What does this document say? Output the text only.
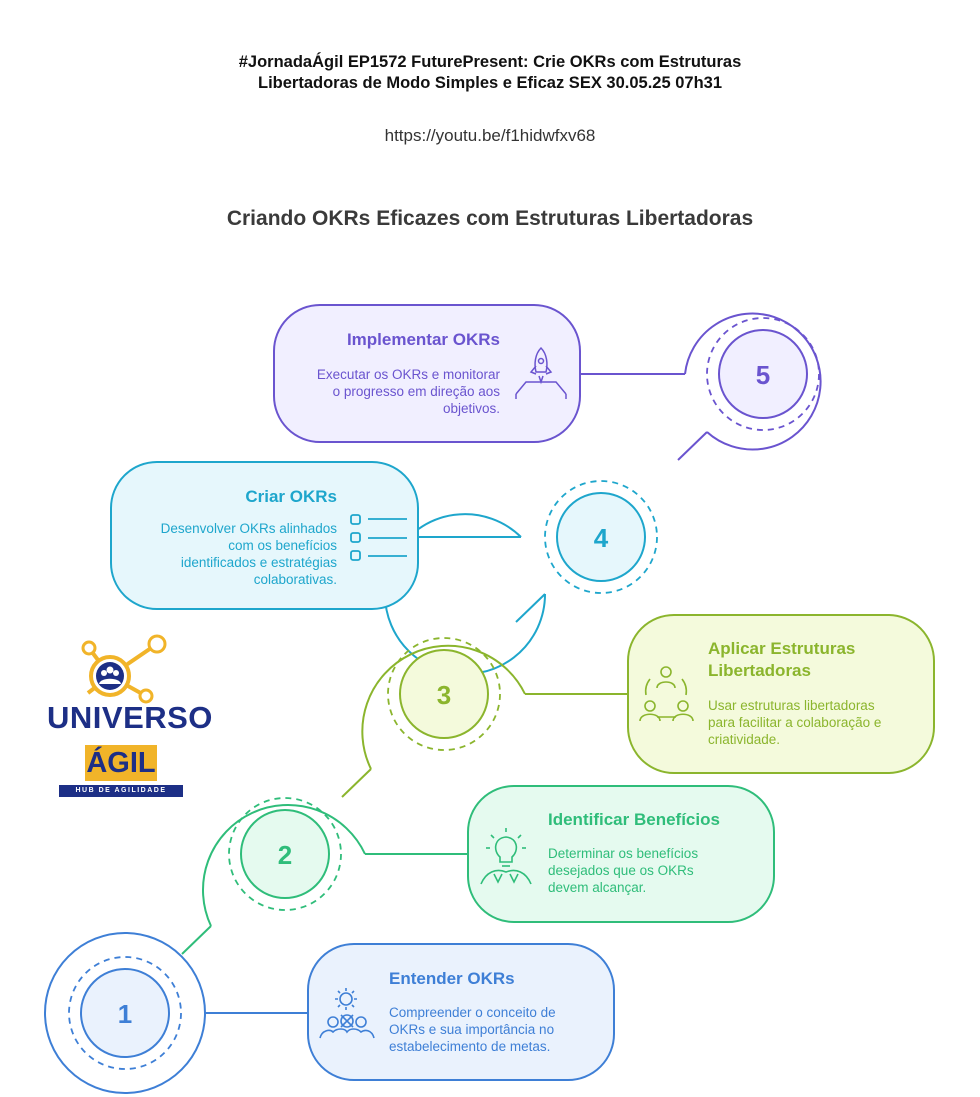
#JornadaÁgil EP1572 FuturePresent: Crie OKRs com Estruturas
Libertadoras de Modo Simples e Eficaz SEX 30.05.25 07h31
https://youtu.be/f1hidwfxv68
Criando OKRs Eficazes com Estruturas Libertadoras
5
4
3
2
1
Implementar OKRs
Executar os OKRs e monitorar
o progresso em direção aos
objetivos.
Criar OKRs
Desenvolver OKRs alinhados
com os benefícios
identificados e estratégias
colaborativas.
Aplicar Estruturas
Libertadoras
Usar estruturas libertadoras
para facilitar a colaboração e
criatividade.
Identificar Benefícios
Determinar os benefícios
desejados que os OKRs
devem alcançar.
Entender OKRs
Compreender o conceito de
OKRs e sua importância no
estabelecimento de metas.
UNIVERSO
ÁGIL
HUB DE AGILIDADE
